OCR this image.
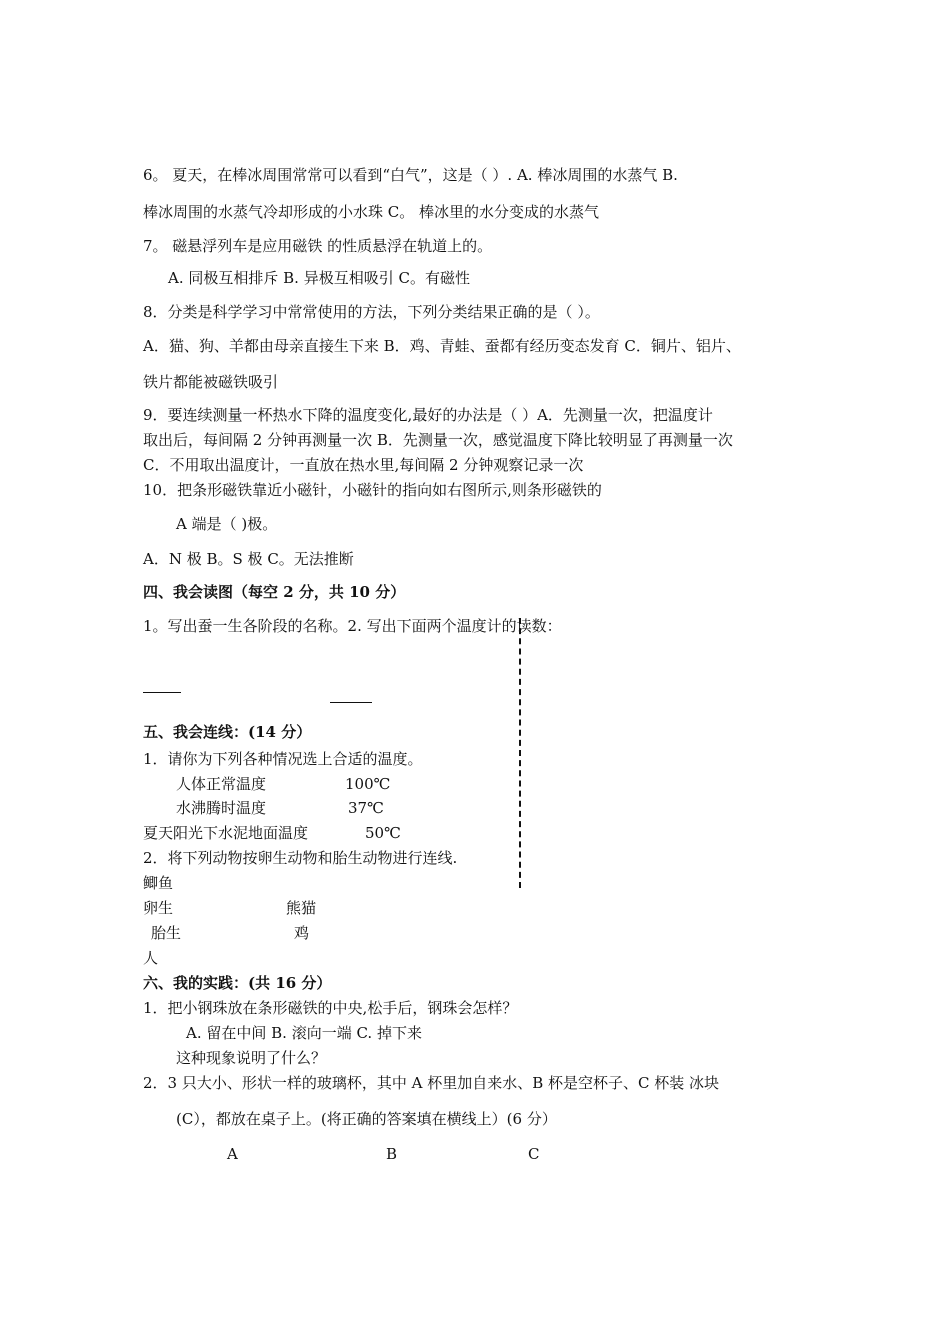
6。 夏天，在棒冰周围常常可以看到“白气”，这是（ ）. A. 棒冰周围的水蒸气 B.
棒冰周围的水蒸气冷却形成的小水珠 C。 棒冰里的水分变成的水蒸气
7。 磁悬浮列车是应用磁铁 的性质悬浮在轨道上的。
A. 同极互相排斥 B. 异极互相吸引 C。有磁性
8．分类是科学学习中常常使用的方法，下列分类结果正确的是（ ）。
A．猫、狗、羊都由母亲直接生下来 B．鸡、青蛙、蚕都有经历变态发育 C．铜片、铝片、
铁片都能被磁铁吸引
9．要连续测量一杯热水下降的温度变化,最好的办法是（ ）A．先测量一次，把温度计
取出后，每间隔 2 分钟再测量一次 B．先测量一次，感觉温度下降比较明显了再测量一次
C．不用取出温度计，一直放在热水里,每间隔 2 分钟观察记录一次
10．把条形磁铁靠近小磁针，小磁针的指向如右图所示,则条形磁铁的
A 端是（ )极。
A．N 极 B。S 极 C。无法推断
四、我会读图（每空 2 分，共 10 分）
1。写出蚕一生各阶段的名称。2. 写出下面两个温度计的读数：
五、我会连线：(14 分）
1．请你为下列各种情况选上合适的温度。
人体正常温度	100℃
水沸腾时温度	37℃
夏天阳光下水泥地面温度	50℃
2．将下列动物按卵生动物和胎生动物进行连线.
鲫鱼
卵生	熊猫
胎生	鸡
人
六、我的实践：(共 16 分）
1．把小钢珠放在条形磁铁的中央,松手后，钢珠会怎样？
A. 留在中间 B. 滚向一端 C. 掉下来
这种现象说明了什么？
2．3 只大小、形状一样的玻璃杯，其中 A 杯里加自来水、B 杯是空杯子、C 杯装 冰块
(C），都放在桌子上。(将正确的答案填在横线上）(6 分）
A	B	C
